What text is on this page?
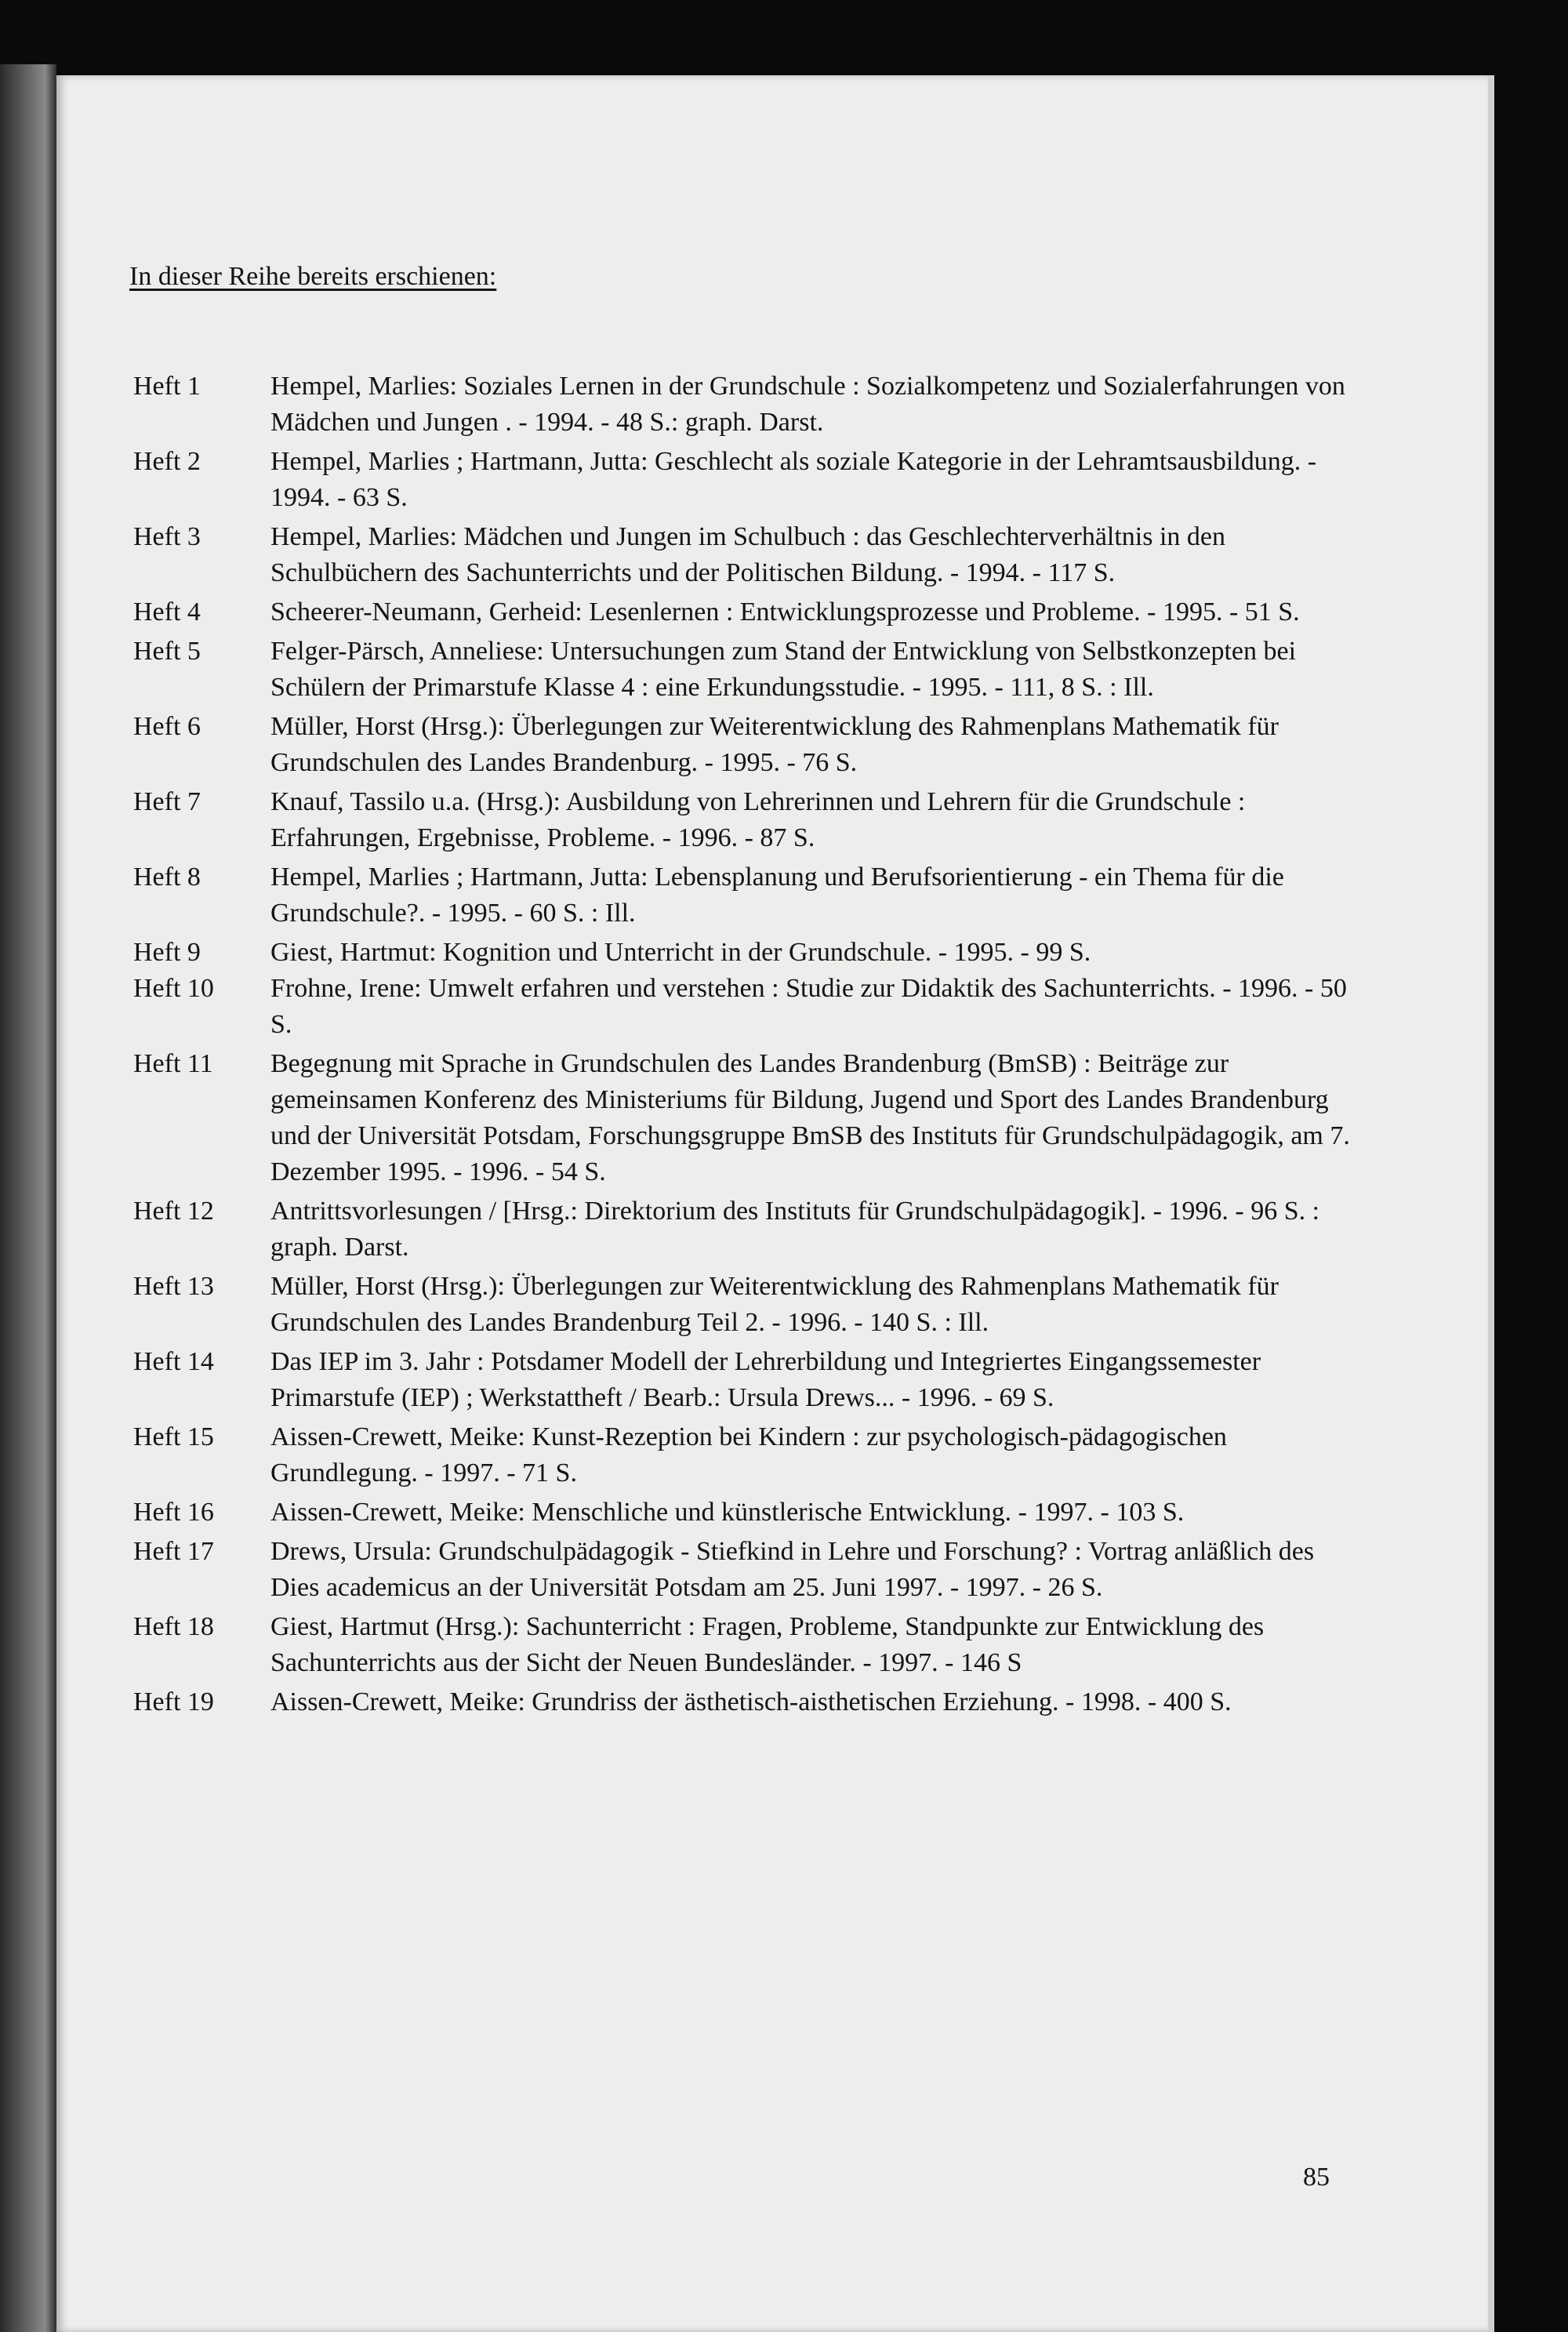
In dieser Reihe bereits erschienen:
Heft 1	Hempel, Marlies: Soziales Lernen in der Grundschule : Sozialkompetenz und Sozialerfahrungen von Mädchen und Jungen . - 1994. - 48 S.: graph. Darst.
Heft 2	Hempel, Marlies ; Hartmann, Jutta: Geschlecht als soziale Kategorie in der Lehramtsausbildung. - 1994. - 63 S.
Heft 3	Hempel, Marlies: Mädchen und Jungen im Schulbuch : das Geschlechterverhältnis in den Schulbüchern des Sachunterrichts und der Politischen Bildung. - 1994. - 117 S.
Heft 4	Scheerer-Neumann, Gerheid: Lesenlernen : Entwicklungsprozesse und Probleme. - 1995. - 51 S.
Heft 5	Felger-Pärsch, Anneliese: Untersuchungen zum Stand der Entwicklung von Selbstkonzepten bei Schülern der Primarstufe Klasse 4 : eine Erkundungsstudie. - 1995. - 111, 8 S. : Ill.
Heft 6	Müller, Horst (Hrsg.): Überlegungen zur Weiterentwicklung des Rahmenplans Mathematik für Grundschulen des Landes Brandenburg. - 1995. - 76 S.
Heft 7	Knauf, Tassilo u.a. (Hrsg.): Ausbildung von Lehrerinnen und Lehrern für die Grundschule : Erfahrungen, Ergebnisse, Probleme. - 1996. - 87 S.
Heft 8	Hempel, Marlies ; Hartmann, Jutta: Lebensplanung und Berufsorientierung - ein Thema für die Grundschule?. - 1995. - 60 S. : Ill.
Heft 9	Giest, Hartmut: Kognition und Unterricht in der Grundschule. - 1995. - 99 S.
Heft 10	Frohne, Irene: Umwelt erfahren und verstehen : Studie zur Didaktik des Sachunterrichts. - 1996. - 50 S.
Heft 11	Begegnung mit Sprache in Grundschulen des Landes Brandenburg (BmSB) : Beiträge zur gemeinsamen Konferenz des Ministeriums für Bildung, Jugend und Sport des Landes Brandenburg und der Universität Potsdam, Forschungsgruppe BmSB des Instituts für Grundschulpädagogik, am 7. Dezember 1995. - 1996. - 54 S.
Heft 12	Antrittsvorlesungen / [Hrsg.: Direktorium des Instituts für Grundschulpädagogik]. - 1996. - 96 S. : graph. Darst.
Heft 13	Müller, Horst (Hrsg.): Überlegungen zur Weiterentwicklung des Rahmenplans Mathematik für Grundschulen des Landes Brandenburg Teil 2. - 1996. - 140 S. : Ill.
Heft 14	Das IEP im 3. Jahr : Potsdamer Modell der Lehrerbildung und Integriertes Eingangssemester Primarstufe (IEP) ; Werkstattheft / Bearb.: Ursula Drews... - 1996. - 69 S.
Heft 15	Aissen-Crewett, Meike: Kunst-Rezeption bei Kindern : zur psychologisch-pädagogischen Grundlegung. - 1997. - 71 S.
Heft 16	Aissen-Crewett, Meike: Menschliche und künstlerische Entwicklung. - 1997. - 103 S.
Heft 17	Drews, Ursula: Grundschulpädagogik - Stiefkind in Lehre und Forschung? : Vortrag anläßlich des Dies academicus an der Universität Potsdam am 25. Juni 1997. - 1997. - 26 S.
Heft 18	Giest, Hartmut (Hrsg.): Sachunterricht : Fragen, Probleme, Standpunkte zur Entwicklung des Sachunterrichts aus der Sicht der Neuen Bundesländer. - 1997. - 146 S
Heft 19	Aissen-Crewett, Meike: Grundriss der ästhetisch-aisthetischen Erziehung. - 1998. - 400 S.
85
